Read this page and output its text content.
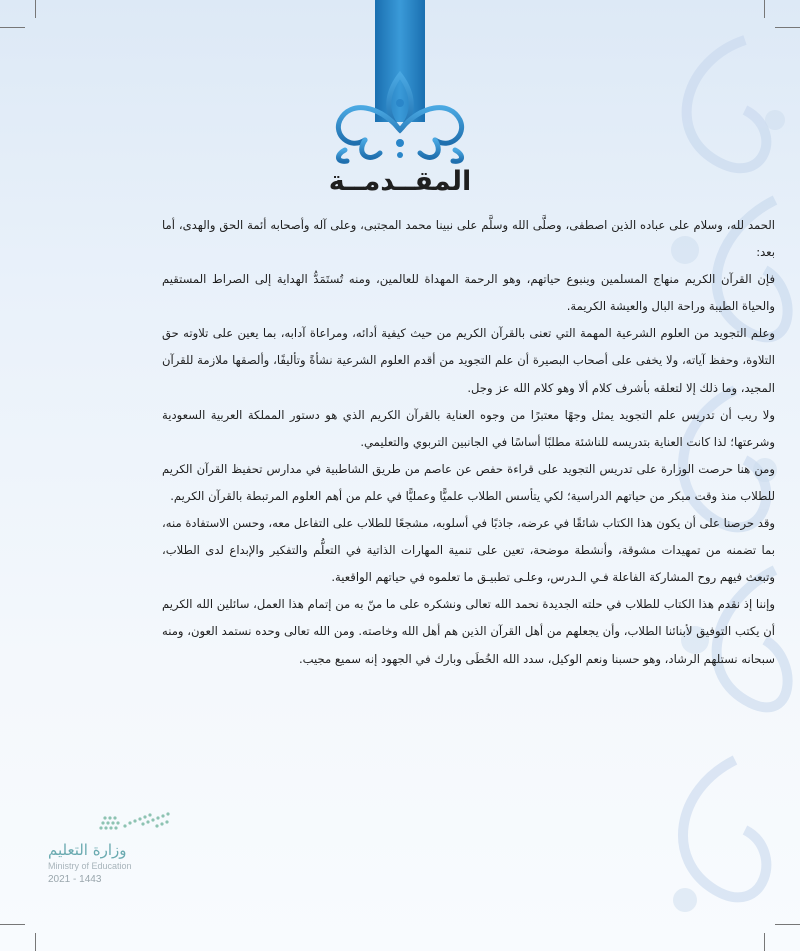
المقــدمــة

الحمد لله، وسلام على عباده الذين اصطفى، وصلَّى الله وسلَّم على نبينا محمد المجتبى، وعلى آله وأصحابه أئمة الحق والهدى، أما بعد:

فإن القرآن الكريم منهاج المسلمين وينبوع حياتهم، وهو الرحمة المهداة للعالمين، ومنه تُستَمَدُّ الهداية إلى الصراط المستقيم والحياة الطيبة وراحة البال والعيشة الكريمة.

وعلم التجويد من العلوم الشرعية المهمة التي تعنى بالقرآن الكريم من حيث كيفية أدائه، ومراعاة آدابه، بما يعين على تلاوته حق التلاوة، وحفظ آياته، ولا يخفى على أصحاب البصيرة أن علم التجويد من أقدم العلوم الشرعية نشأةً وتأليفًا، وألصقها ملازمة للقرآن المجيد، وما ذلك إلا لتعلقه بأشرف كلام ألا وهو كلام الله عز وجل.

ولا ريب أن تدريس علم التجويد يمثل وجهًا معتبرًا من وجوه العناية بالقرآن الكريم الذي هو دستور المملكة العربية السعودية وشرعتها؛ لذا كانت العناية بتدريسه للناشئة مطلبًا أساسًا في الجانبين التربوي والتعليمي.

ومن هنا حرصت الوزارة على تدريس التجويد على قراءة حفص عن عاصم من طريق الشاطبية في مدارس تحفيظ القرآن الكريم للطلاب منذ وقت مبكر من حياتهم الدراسية؛ لكي يتأسس الطلاب علميًّا وعمليًّا في علم من أهم العلوم المرتبطة بالقرآن الكريم.

وقد حرصنا على أن يكون هذا الكتاب شائقًا في عرضه، جاذبًا في أسلوبه، مشجعًا للطلاب على التفاعل معه، وحسن الاستفادة منه، بما تضمنه من تمهيدات مشوقة، وأنشطة موضحة، تعين على تنمية المهارات الذاتية في التعلُّم والتفكير والإبداع لدى الطلاب، وتبعث فيهم روح المشاركة الفاعلة فـي الـدرس، وعلـى تطبيـق ما تعلموه في حياتهم الواقعية.

وإننا إذ نقدم هذا الكتاب للطلاب في حلته الجديدة نحمد الله تعالى ونشكره على ما منّ به من إتمام هذا العمل، سائلين الله الكريم أن يكتب التوفيق لأبنائنا الطلاب، وأن يجعلهم من أهل القرآن الذين هم أهل الله وخاصته. ومن الله تعالى وحده نستمد العون، ومنه سبحانه نستلهم الرشاد، وهو حسبنا ونعم الوكيل، سدد الله الخُطَى وبارك في الجهود إنه سميع مجيب.

وزارة التعليم
Ministry of Education
2021 - 1443
